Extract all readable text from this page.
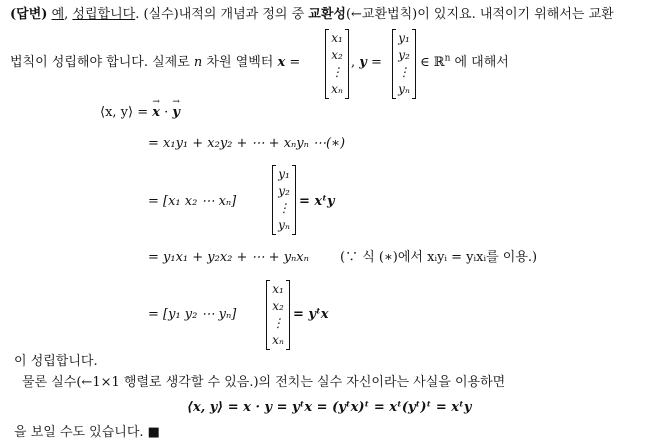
(답변) 예, 성립합니다. (실수)내적의 개념과 정의 중 교환성(←교환법칙)이 있지요. 내적이기 위해서는 교환
법칙이 성립해야 합니다. 실제로 n 차원 열벡터 x =
x₁
x₂
⋮
xₙ
, y =
y₁
y₂
⋮
yₙ
∈ ℝ$^n$ 에 대해서
⟨x, y⟩ = → x · → y
= x₁y₁ + x₂y₂ + ⋯ + xₙyₙ ⋯(∗)
= [x₁ x₂ ⋯ xₙ]
y₁
y₂
⋮
yₙ
= xᵗy
= y₁x₁ + y₂x₂ + ⋯ + yₙxₙ (∵ 식 (∗)에서 xᵢyᵢ = yᵢxᵢ를 이용.)
= [y₁ y₂ ⋯ yₙ]
x₁
x₂
⋮
xₙ
= yᵗx
이 성립합니다.
물론 실수(←1×1 행렬로 생각할 수 있음.)의 전치는 실수 자신이라는 사실을 이용하면
⟨x, y⟩ = x · y = yᵗx = (yᵗx)ᵗ = xᵗ(yᵗ)ᵗ = xᵗy
을 보일 수도 있습니다. ■
